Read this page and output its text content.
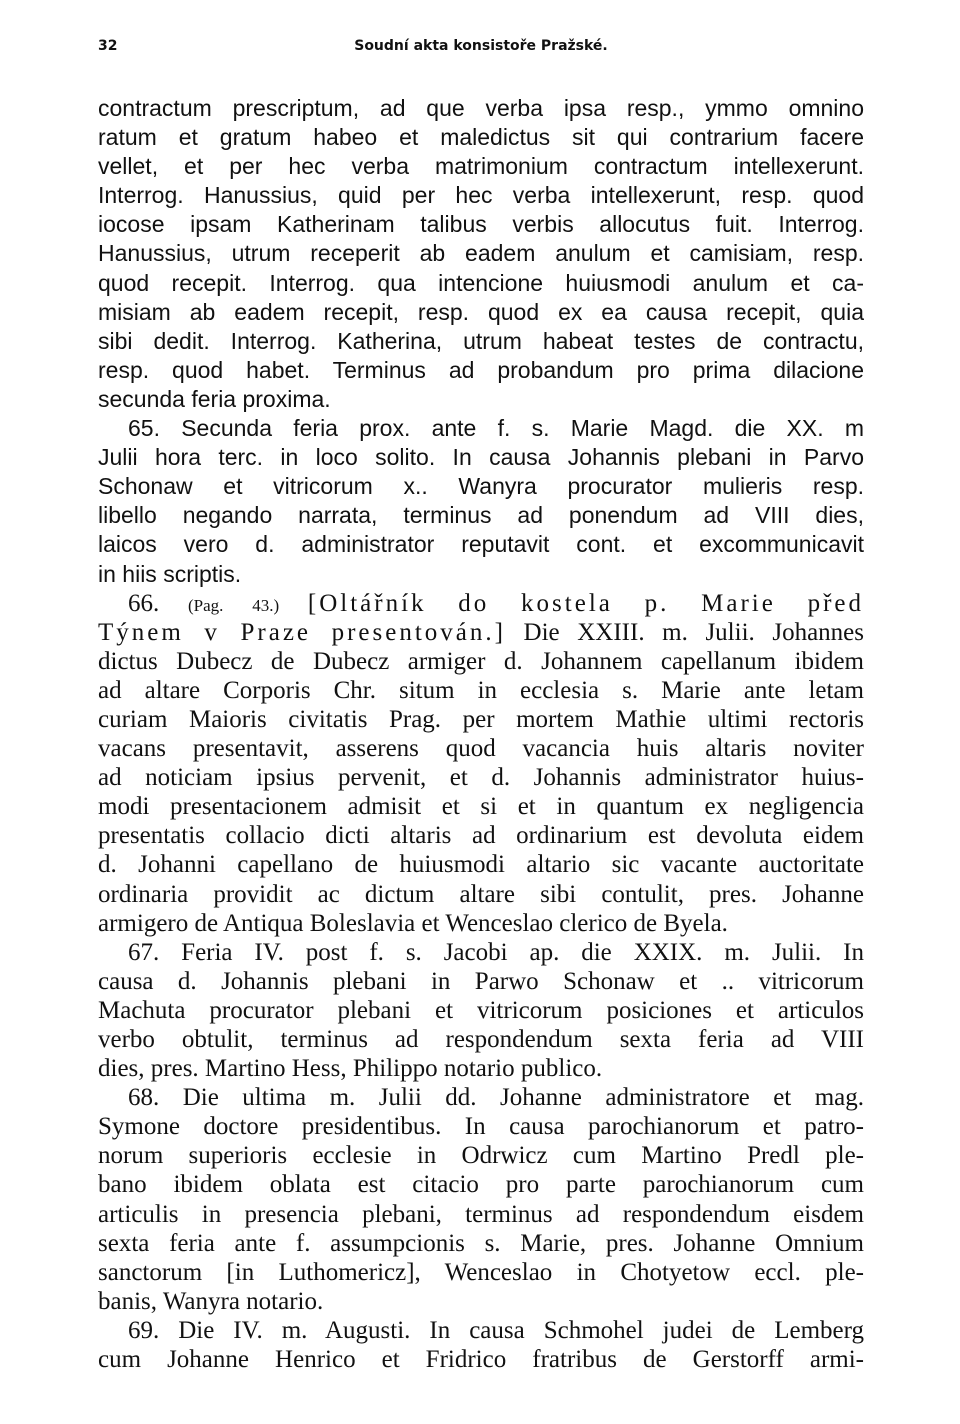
32	Soudní akta konsistoře Pražské.
contractum prescriptum, ad que verba ipsa resp., ymmo omnino
ratum et gratum habeo et maledictus sit qui contrarium facere
vellet, et per hec verba matrimonium contractum intellexerunt.
Interrog. Hanussius, quid per hec verba intellexerunt, resp. quod
iocose ipsam Katherinam talibus verbis allocutus fuit. Interrog.
Hanussius, utrum receperit ab eadem anulum et camisiam, resp.
quod recepit. Interrog. qua intencione huiusmodi anulum et ca-
misiam ab eadem recepit, resp. quod ex ea causa recepit, quia
sibi dedit. Interrog. Katherina, utrum habeat testes de contractu,
resp. quod habet. Terminus ad probandum pro prima dilacione
secunda feria proxima.
65. Secunda feria prox. ante f. s. Marie Magd. die XX. m
Julii hora terc. in loco solito. In causa Johannis plebani in Parvo
Schonaw et vitricorum x.. Wanyra procurator mulieris resp.
libello negando narrata, terminus ad ponendum ad VIII dies,
laicos vero d. administrator reputavit cont. et excommunicavit
in hiis scriptis.
66. (Pag. 43.) [Oltářník do kostela p. Marie před
Týnem v Praze presentován.] Die XXIII. m. Julii. Johannes
dictus Dubecz de Dubecz armiger d. Johannem capellanum ibidem
ad altare Corporis Chr. situm in ecclesia s. Marie ante letam
curiam Maioris civitatis Prag. per mortem Mathie ultimi rectoris
vacans presentavit, asserens quod vacancia huis altaris noviter
ad noticiam ipsius pervenit, et d. Johannis administrator huius-
modi presentacionem admisit et si et in quantum ex negligencia
presentatis collacio dicti altaris ad ordinarium est devoluta eidem
d. Johanni capellano de huiusmodi altario sic vacante auctoritate
ordinaria providit ac dictum altare sibi contulit, pres. Johanne
armigero de Antiqua Boleslavia et Wenceslao clerico de Byela.
67. Feria IV. post f. s. Jacobi ap. die XXIX. m. Julii. In
causa d. Johannis plebani in Parwo Schonaw et .. vitricorum
Machuta procurator plebani et vitricorum posiciones et articulos
verbo obtulit, terminus ad respondendum sexta feria ad VIII
dies, pres. Martino Hess, Philippo notario publico.
68. Die ultima m. Julii dd. Johanne administratore et mag.
Symone doctore presidentibus. In causa parochianorum et patro-
norum superioris ecclesie in Odrwicz cum Martino Predl ple-
bano ibidem oblata est citacio pro parte parochianorum cum
articulis in presencia plebani, terminus ad respondendum eisdem
sexta feria ante f. assumpcionis s. Marie, pres. Johanne Omnium
sanctorum [in Luthomericz], Wenceslao in Chotyetow eccl. ple-
banis, Wanyra notario.
69. Die IV. m. Augusti. In causa Schmohel judei de Lemberg
cum Johanne Henrico et Fridrico fratribus de Gerstorff armi-
